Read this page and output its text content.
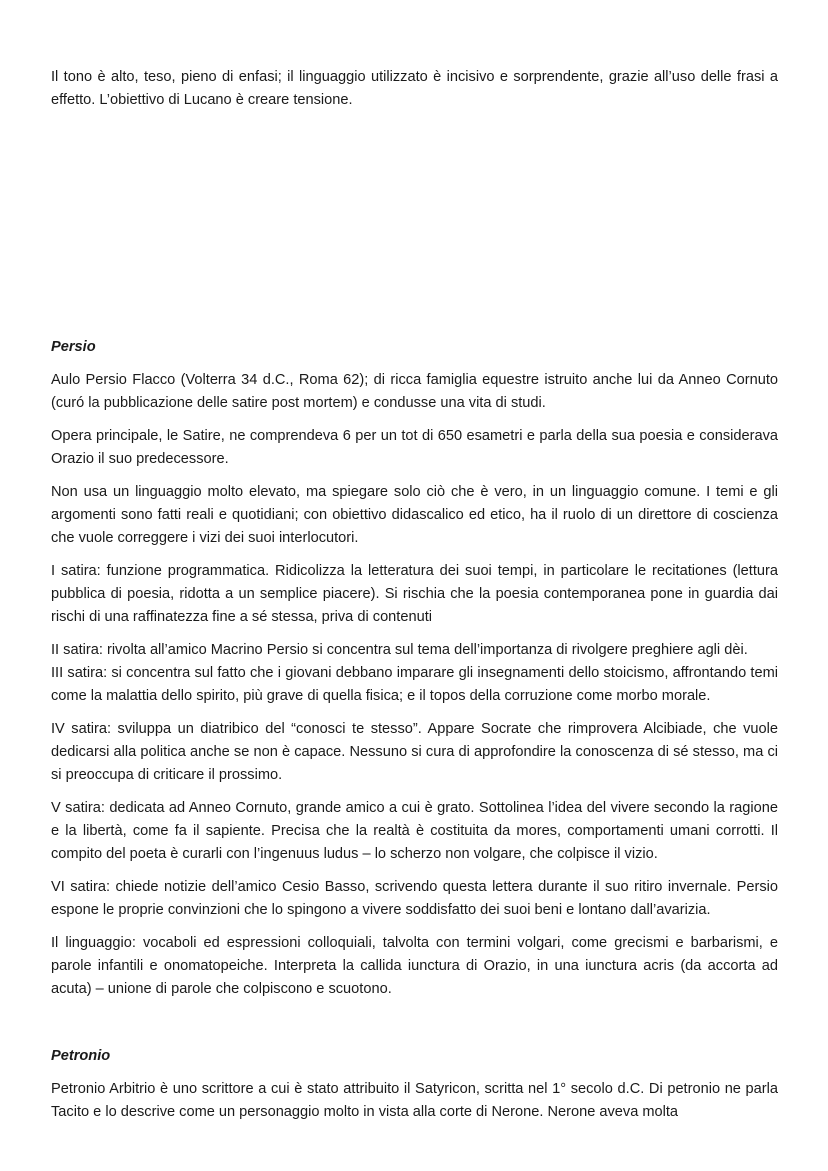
Il tono è alto, teso, pieno di enfasi; il linguaggio utilizzato è incisivo e sorprendente, grazie all’uso delle frasi a effetto. L’obiettivo di Lucano è creare tensione.

Persio

Aulo Persio Flacco (Volterra 34 d.C., Roma 62); di ricca famiglia equestre istruito anche lui da Anneo Cornuto (curó la pubblicazione delle satire post mortem) e condusse una vita di studi.

Opera principale, le Satire, ne comprendeva 6 per un tot di 650 esametri e parla della sua poesia e considerava Orazio il suo predecessore.

Non usa un linguaggio molto elevato, ma spiegare solo ciò che è vero, in un linguaggio comune. I temi e gli argomenti sono fatti reali e quotidiani; con obiettivo didascalico ed etico, ha il ruolo di un direttore di coscienza che vuole correggere i vizi dei suoi interlocutori.

I satira: funzione programmatica. Ridicolizza la letteratura dei suoi tempi, in particolare le recitationes (lettura pubblica di poesia, ridotta a un semplice piacere). Si rischia che la poesia contemporanea pone in guardia dai rischi di una raffinatezza fine a sé stessa, priva di contenuti

II satira: rivolta all’amico Macrino Persio si concentra sul tema dell’importanza di rivolgere preghiere agli dèi.

III satira: si concentra sul fatto che i giovani debbano imparare gli insegnamenti dello stoicismo, affrontando temi come la malattia dello spirito, più grave di quella fisica; e il topos della corruzione come morbo morale.

IV satira: sviluppa un diatribico del “conosci te stesso”. Appare Socrate che rimprovera Alcibiade, che vuole dedicarsi alla politica anche se non è capace. Nessuno si cura di approfondire la conoscenza di sé stesso, ma ci si preoccupa di criticare il prossimo.

V satira: dedicata ad Anneo Cornuto, grande amico a cui è grato. Sottolinea l’idea del vivere secondo la ragione e la libertà, come fa il sapiente. Precisa che la realtà è costituita da mores, comportamenti umani corrotti. Il compito del poeta è curarli con l’ingenuus ludus – lo scherzo non volgare, che colpisce il vizio.

VI satira: chiede notizie dell’amico Cesio Basso, scrivendo questa lettera durante il suo ritiro invernale. Persio espone le proprie convinzioni che lo spingono a vivere soddisfatto dei suoi beni e lontano dall’avarizia.

Il linguaggio: vocaboli ed espressioni colloquiali, talvolta con termini volgari, come grecismi e barbarismi, e parole infantili e onomatopeiche. Interpreta la callida iunctura di Orazio, in una iunctura acris (da accorta ad acuta) – unione di parole che colpiscono e scuotono.

Petronio

Petronio Arbitrio è uno scrittore a cui è stato attribuito il Satyricon, scritta nel 1° secolo d.C. Di petronio ne parla Tacito e lo descrive come un personaggio molto in vista alla corte di Nerone. Nerone aveva molta
